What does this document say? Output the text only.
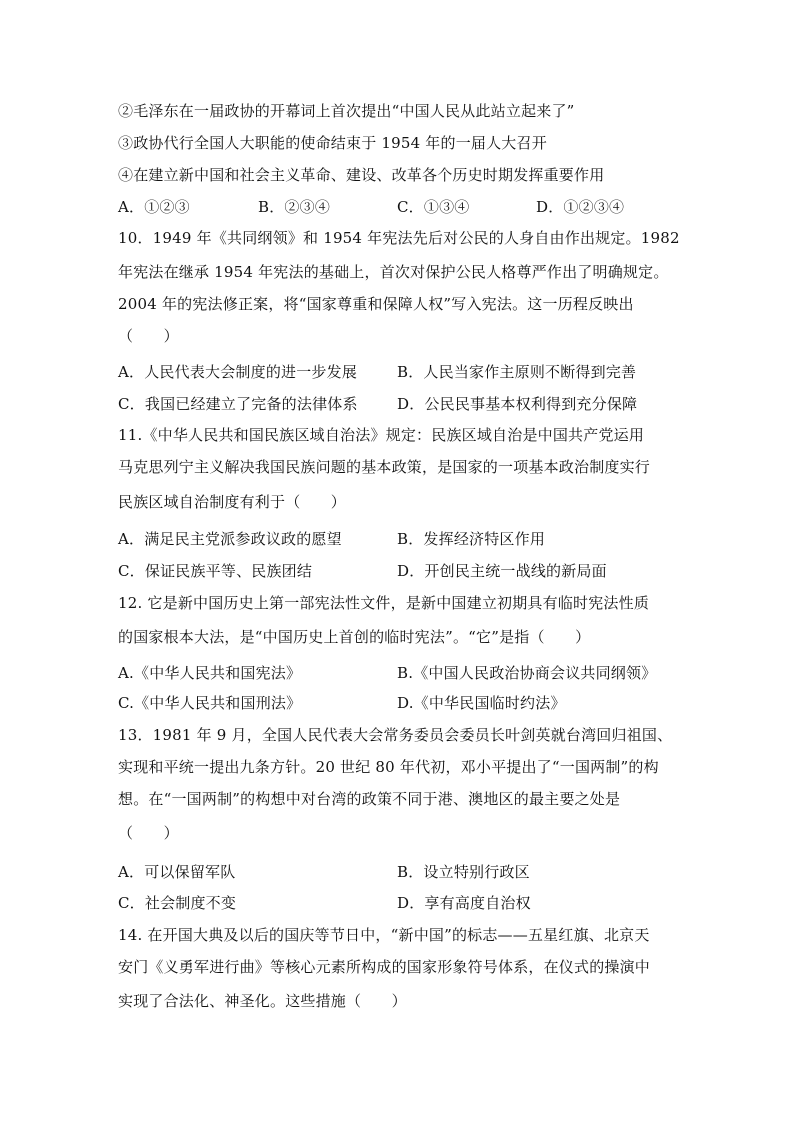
②毛泽东在一届政协的开幕词上首次提出“中国人民从此站立起来了”
③政协代行全国人大职能的使命结束于 1954 年的一届人大召开
④在建立新中国和社会主义革命、建设、改革各个历史时期发挥重要作用
A．①②③	B．②③④	C．①③④	D．①②③④
10．1949 年《共同纲领》和 1954 年宪法先后对公民的人身自由作出规定。1982
年宪法在继承 1954 年宪法的基础上，首次对保护公民人格尊严作出了明确规定。
2004 年的宪法修正案，将“国家尊重和保障人权”写入宪法。这一历程反映出
（　　）
A．人民代表大会制度的进一步发展	B．人民当家作主原则不断得到完善
C．我国已经建立了完备的法律体系	D．公民民事基本权利得到充分保障
11.《中华人民共和国民族区域自治法》规定：民族区域自治是中国共产党运用
马克思列宁主义解决我国民族问题的基本政策，是国家的一项基本政治制度实行
民族区域自治制度有利于（　　）
A．满足民主党派参政议政的愿望	B．发挥经济特区作用
C．保证民族平等、民族团结	D．开创民主统一战线的新局面
12. 它是新中国历史上第一部宪法性文件，是新中国建立初期具有临时宪法性质
的国家根本大法，是“中国历史上首创的临时宪法”。“它”是指（　　）
A.《中华人民共和国宪法》	B.《中国人民政治协商会议共同纲领》
C.《中华人民共和国刑法》	D.《中华民国临时约法》
13．1981 年 9 月，全国人民代表大会常务委员会委员长叶剑英就台湾回归祖国、
实现和平统一提出九条方针。20 世纪 80 年代初，邓小平提出了“一国两制”的构
想。在“一国两制”的构想中对台湾的政策不同于港、澳地区的最主要之处是
（　　）
A．可以保留军队	B．设立特别行政区
C．社会制度不变	D．享有高度自治权
14. 在开国大典及以后的国庆等节日中，“新中国”的标志——五星红旗、北京天
安门《义勇军进行曲》等核心元素所构成的国家形象符号体系，在仪式的操演中
实现了合法化、神圣化。这些措施（　　）
